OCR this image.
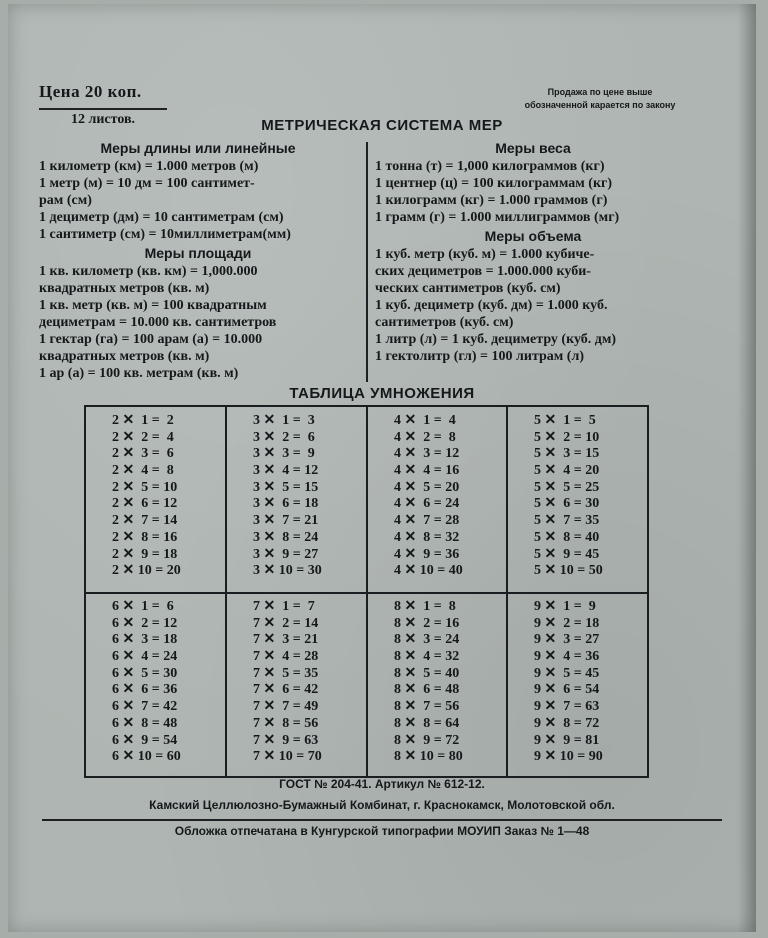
Цена 20 коп.
12 листов.
Продажа по цене выше
обозначенной карается по закону
МЕТРИЧЕСКАЯ СИСТЕМА МЕР
Меры длины или линейные
1 километр (км) = 1.000 метров (м)
1 метр (м) = 10 дм = 100 сантимет-
рам (см)
1 дециметр (дм) = 10 сантиметрам (см)
1 сантиметр (см) = 10миллиметрам(мм)
Меры площади
1 кв. километр (кв. км) = 1,000.000
квадратных метров (кв. м)
1 кв. метр (кв. м) = 100 квадратным
дециметрам = 10.000 кв. сантиметров
1 гектар (га) = 100 арам (а) = 10.000
квадратных метров (кв. м)
1 ар (а) = 100 кв. метрам (кв. м)
Меры веса
1 тонна (т) = 1,000 килограммов (кг)
1 центнер (ц) = 100 килограммам (кг)
1 килограмм (кг) = 1.000 граммов (г)
1 грамм (г) = 1.000 миллиграммов (мг)
Меры объема
1 куб. метр (куб. м) = 1.000 кубиче-
ских дециметров = 1.000.000 куби-
ческих сантиметров (куб. см)
1 куб. дециметр (куб. дм) = 1.000 куб.
сантиметров (куб. см)
1 литр (л) = 1 куб. дециметру (куб. дм)
1 гектолитр (гл) = 100 литрам (л)
ТАБЛИЦА УМНОЖЕНИЯ
2 ✕  1 =  2
2 ✕  2 =  4
2 ✕  3 =  6
2 ✕  4 =  8
2 ✕  5 = 10
2 ✕  6 = 12
2 ✕  7 = 14
2 ✕  8 = 16
2 ✕  9 = 18
2 ✕ 10 = 20
3 ✕  1 =  3
3 ✕  2 =  6
3 ✕  3 =  9
3 ✕  4 = 12
3 ✕  5 = 15
3 ✕  6 = 18
3 ✕  7 = 21
3 ✕  8 = 24
3 ✕  9 = 27
3 ✕ 10 = 30
4 ✕  1 =  4
4 ✕  2 =  8
4 ✕  3 = 12
4 ✕  4 = 16
4 ✕  5 = 20
4 ✕  6 = 24
4 ✕  7 = 28
4 ✕  8 = 32
4 ✕  9 = 36
4 ✕ 10 = 40
5 ✕  1 =  5
5 ✕  2 = 10
5 ✕  3 = 15
5 ✕  4 = 20
5 ✕  5 = 25
5 ✕  6 = 30
5 ✕  7 = 35
5 ✕  8 = 40
5 ✕  9 = 45
5 ✕ 10 = 50
6 ✕  1 =  6
6 ✕  2 = 12
6 ✕  3 = 18
6 ✕  4 = 24
6 ✕  5 = 30
6 ✕  6 = 36
6 ✕  7 = 42
6 ✕  8 = 48
6 ✕  9 = 54
6 ✕ 10 = 60
7 ✕  1 =  7
7 ✕  2 = 14
7 ✕  3 = 21
7 ✕  4 = 28
7 ✕  5 = 35
7 ✕  6 = 42
7 ✕  7 = 49
7 ✕  8 = 56
7 ✕  9 = 63
7 ✕ 10 = 70
8 ✕  1 =  8
8 ✕  2 = 16
8 ✕  3 = 24
8 ✕  4 = 32
8 ✕  5 = 40
8 ✕  6 = 48
8 ✕  7 = 56
8 ✕  8 = 64
8 ✕  9 = 72
8 ✕ 10 = 80
9 ✕  1 =  9
9 ✕  2 = 18
9 ✕  3 = 27
9 ✕  4 = 36
9 ✕  5 = 45
9 ✕  6 = 54
9 ✕  7 = 63
9 ✕  8 = 72
9 ✕  9 = 81
9 ✕ 10 = 90
ГОСТ № 204-41. Артикул № 612-12.
Камский Целлюлозно-Бумажный Комбинат, г. Краснокамск, Молотовской обл.
Обложка отпечатана в Кунгурской типографии МОУИП Заказ № 1—48
